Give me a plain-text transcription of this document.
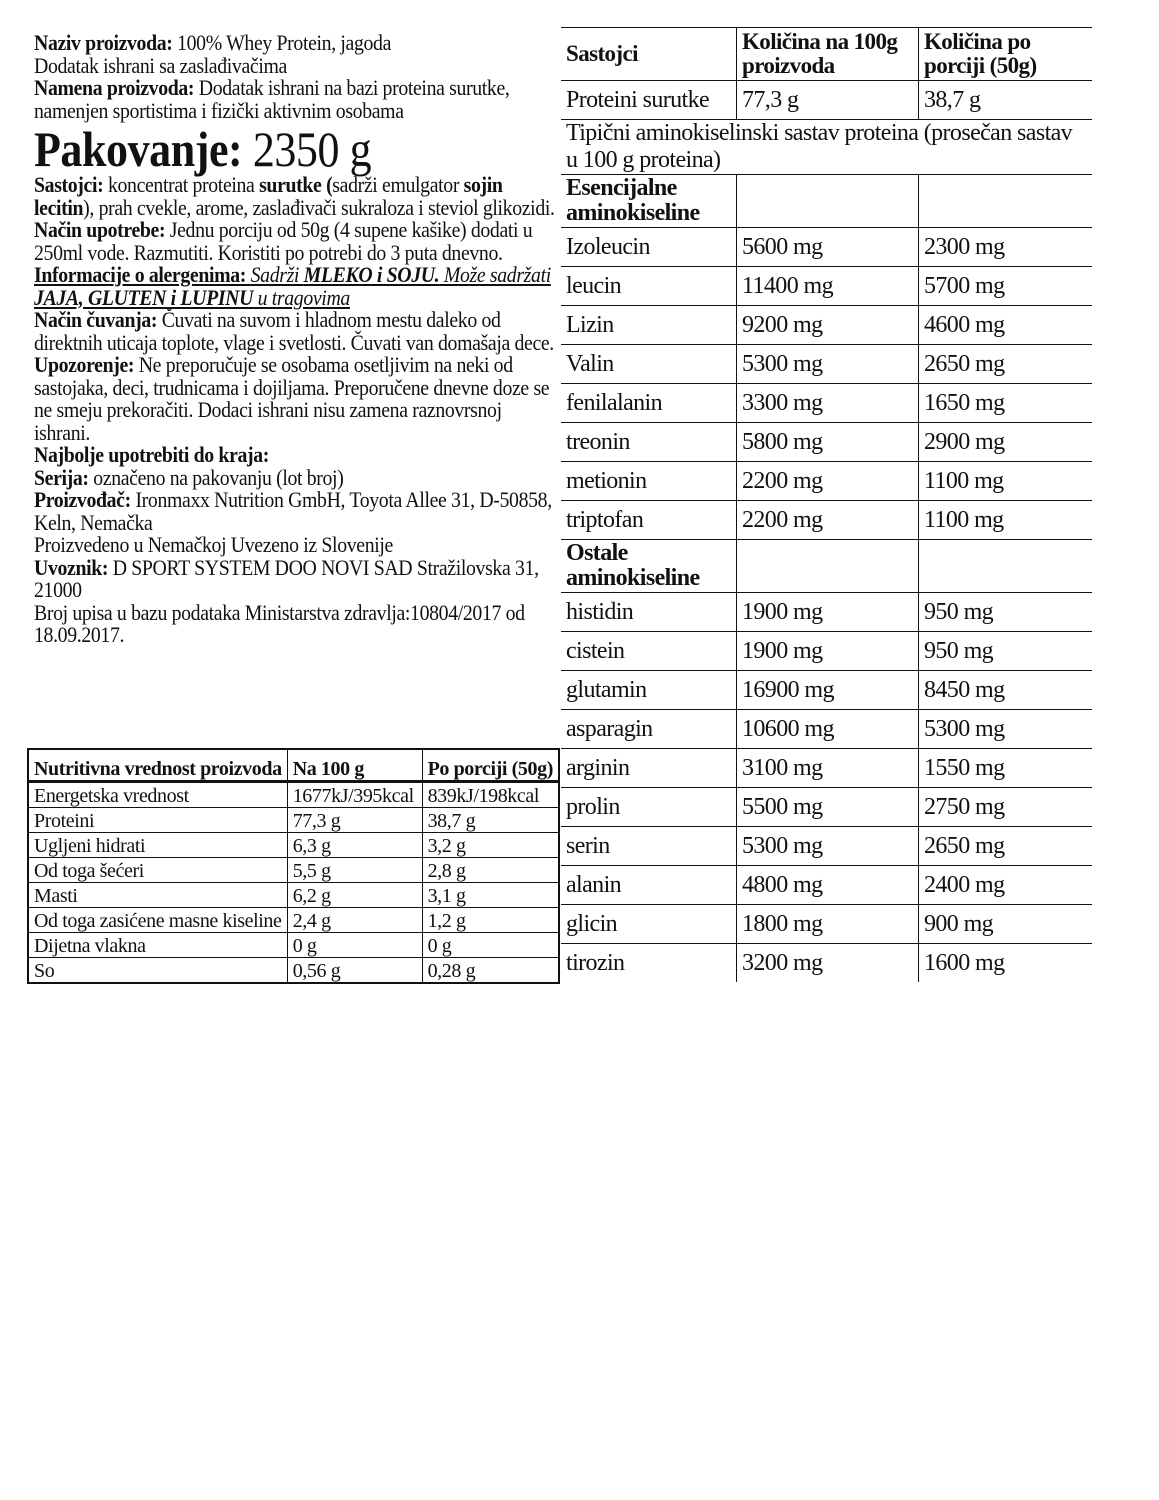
Naziv proizvoda: 100% Whey Protein, jagoda

Dodatak ishrani sa zaslađivačima

Namena proizvoda: Dodatak ishrani na bazi proteina surutke, namenjen sportistima i fizički aktivnim osobama

Pakovanje: 2350 g

Sastojci: koncentrat proteina surutke (sadrži emulgator sojin lecitin), prah cvekle, arome, zaslađivači sukraloza i steviol glikozidi.

Način upotrebe: Jednu porciju od 50g (4 supene kašike) dodati u 250ml vode. Razmutiti. Koristiti po potrebi do 3 puta dnevno.

Informacije o alergenima: Sadrži MLEKO i SOJU. Može sadržati JAJA, GLUTEN i LUPINU u tragovima

Način čuvanja: Čuvati na suvom i hladnom mestu daleko od direktnih uticaja toplote, vlage i svetlosti. Čuvati van domašaja dece.

Upozorenje: Ne preporučuje se osobama osetljivim na neki od sastojaka, deci, trudnicama i dojiljama. Preporučene dnevne doze se ne smeju prekoračiti. Dodaci ishrani nisu zamena raznovrsnoj ishrani.

Najbolje upotrebiti do kraja:

Serija: označeno na pakovanju (lot broj)

Proizvođač: Ironmaxx Nutrition GmbH, Toyota Allee 31, D-50858, Keln, Nemačka

Proizvedeno u Nemačkoj Uvezeno iz Slovenije

Uvoznik: D SPORT SYSTEM DOO NOVI SAD Stražilovska 31, 21000

Broj upisa u bazu podataka Ministarstva zdravlja:10804/2017 od 18.09.2017.

Nutritivna vrednost proizvoda	Na 100 g	Po porciji (50g)
Energetska vrednost	1677kJ/395kcal	839kJ/198kcal
Proteini	77,3 g	38,7 g
Ugljeni hidrati	6,3 g	3,2 g
Od toga šećeri	5,5 g	2,8 g
Masti	6,2 g	3,1 g
Od toga zasićene masne kiseline	2,4 g	1,2 g
Dijetna vlakna	0 g	0 g
So	0,56 g	0,28 g
Sastojci	Količina na 100g proizvoda	Količina po porciji (50g)
Proteini surutke	77,3 g	38,7 g
Tipični aminokiselinski sastav proteina (prosečan sastav u 100 g proteina)		
Esencijalne aminokiseline		
Izoleucin	5600 mg	2300 mg
leucin	11400 mg	5700 mg
Lizin	9200 mg	4600 mg
Valin	5300 mg	2650 mg
fenilalanin	3300 mg	1650 mg
treonin	5800 mg	2900 mg
metionin	2200 mg	1100 mg
triptofan	2200 mg	1100 mg
Ostale aminokiseline		
histidin	1900 mg	950 mg
cistein	1900 mg	950 mg
glutamin	16900 mg	8450 mg
asparagin	10600 mg	5300 mg
arginin	3100 mg	1550 mg
prolin	5500 mg	2750 mg
serin	5300 mg	2650 mg
alanin	4800 mg	2400 mg
glicin	1800 mg	900 mg
tirozin	3200 mg	1600 mg
